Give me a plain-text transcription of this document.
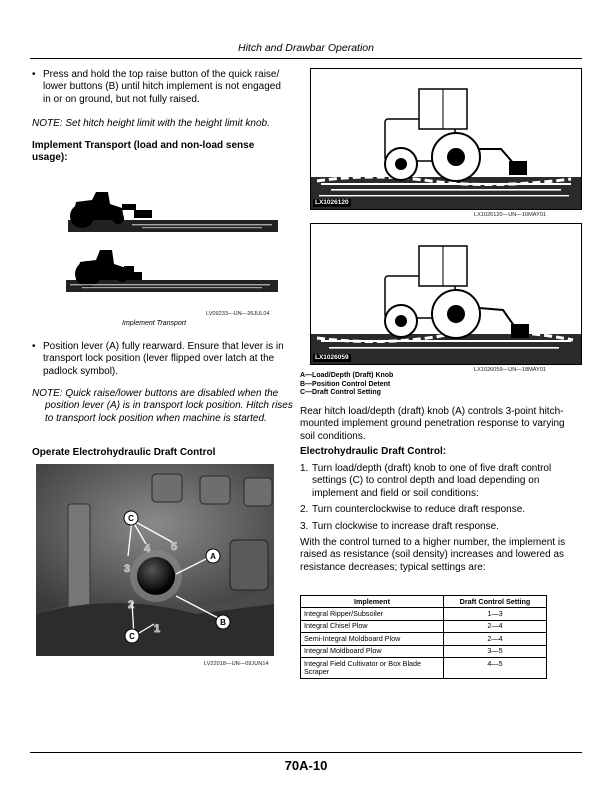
Hitch and Drawbar Operation
• Press and hold the top raise button of the quick raise/ lower buttons (B) until hitch implement is not engaged in or on ground, but not fully raised.
NOTE: Set hitch height limit with the height limit knob.
Implement Transport (load and non-load sense usage):
LV09233—UN—26JUL04
Implement Transport
• Position lever (A) fully rearward. Ensure that lever is in transport lock position (lever flipped over latch at the padlock symbol).
NOTE: Quick raise/lower buttons are disabled when the position lever (A) is in transport lock position. Hitch rises to transport lock position when machine is started.
Operate Electrohydraulic Draft Control
1
2
3
4 5
C
A
B
C
LV22018—UN—09JUN14
LX1026120
LX1026120—UN—10MAY01
LX1026059
LX1026059—UN—18MAY01
A—Load/Depth (Draft) Knob
B—Position Control Detent
C—Draft Control Setting
Rear hitch load/depth (draft) knob (A) controls 3-point hitch-mounted implement ground penetration response to varying soil conditions.
Electrohydraulic Draft Control:
1. Turn load/depth (draft) knob to one of five draft control settings (C) to control depth and load depending on implement and field or soil conditions:
2. Turn counterclockwise to reduce draft response.
3. Turn clockwise to increase draft response.
With the control turned to a higher number, the implement is raised as resistance (soil density) increases and lowered as resistance decreases; typical settings are:
Implement	Draft Control Setting
Integral Ripper/Subsoiler	1—3
Integral Chisel Plow	2—4
Semi-Integral Moldboard Plow	2—4
Integral Moldboard Plow	3—5
Integral Field Cultivator or Box Blade Scraper	4—5
70A-10
